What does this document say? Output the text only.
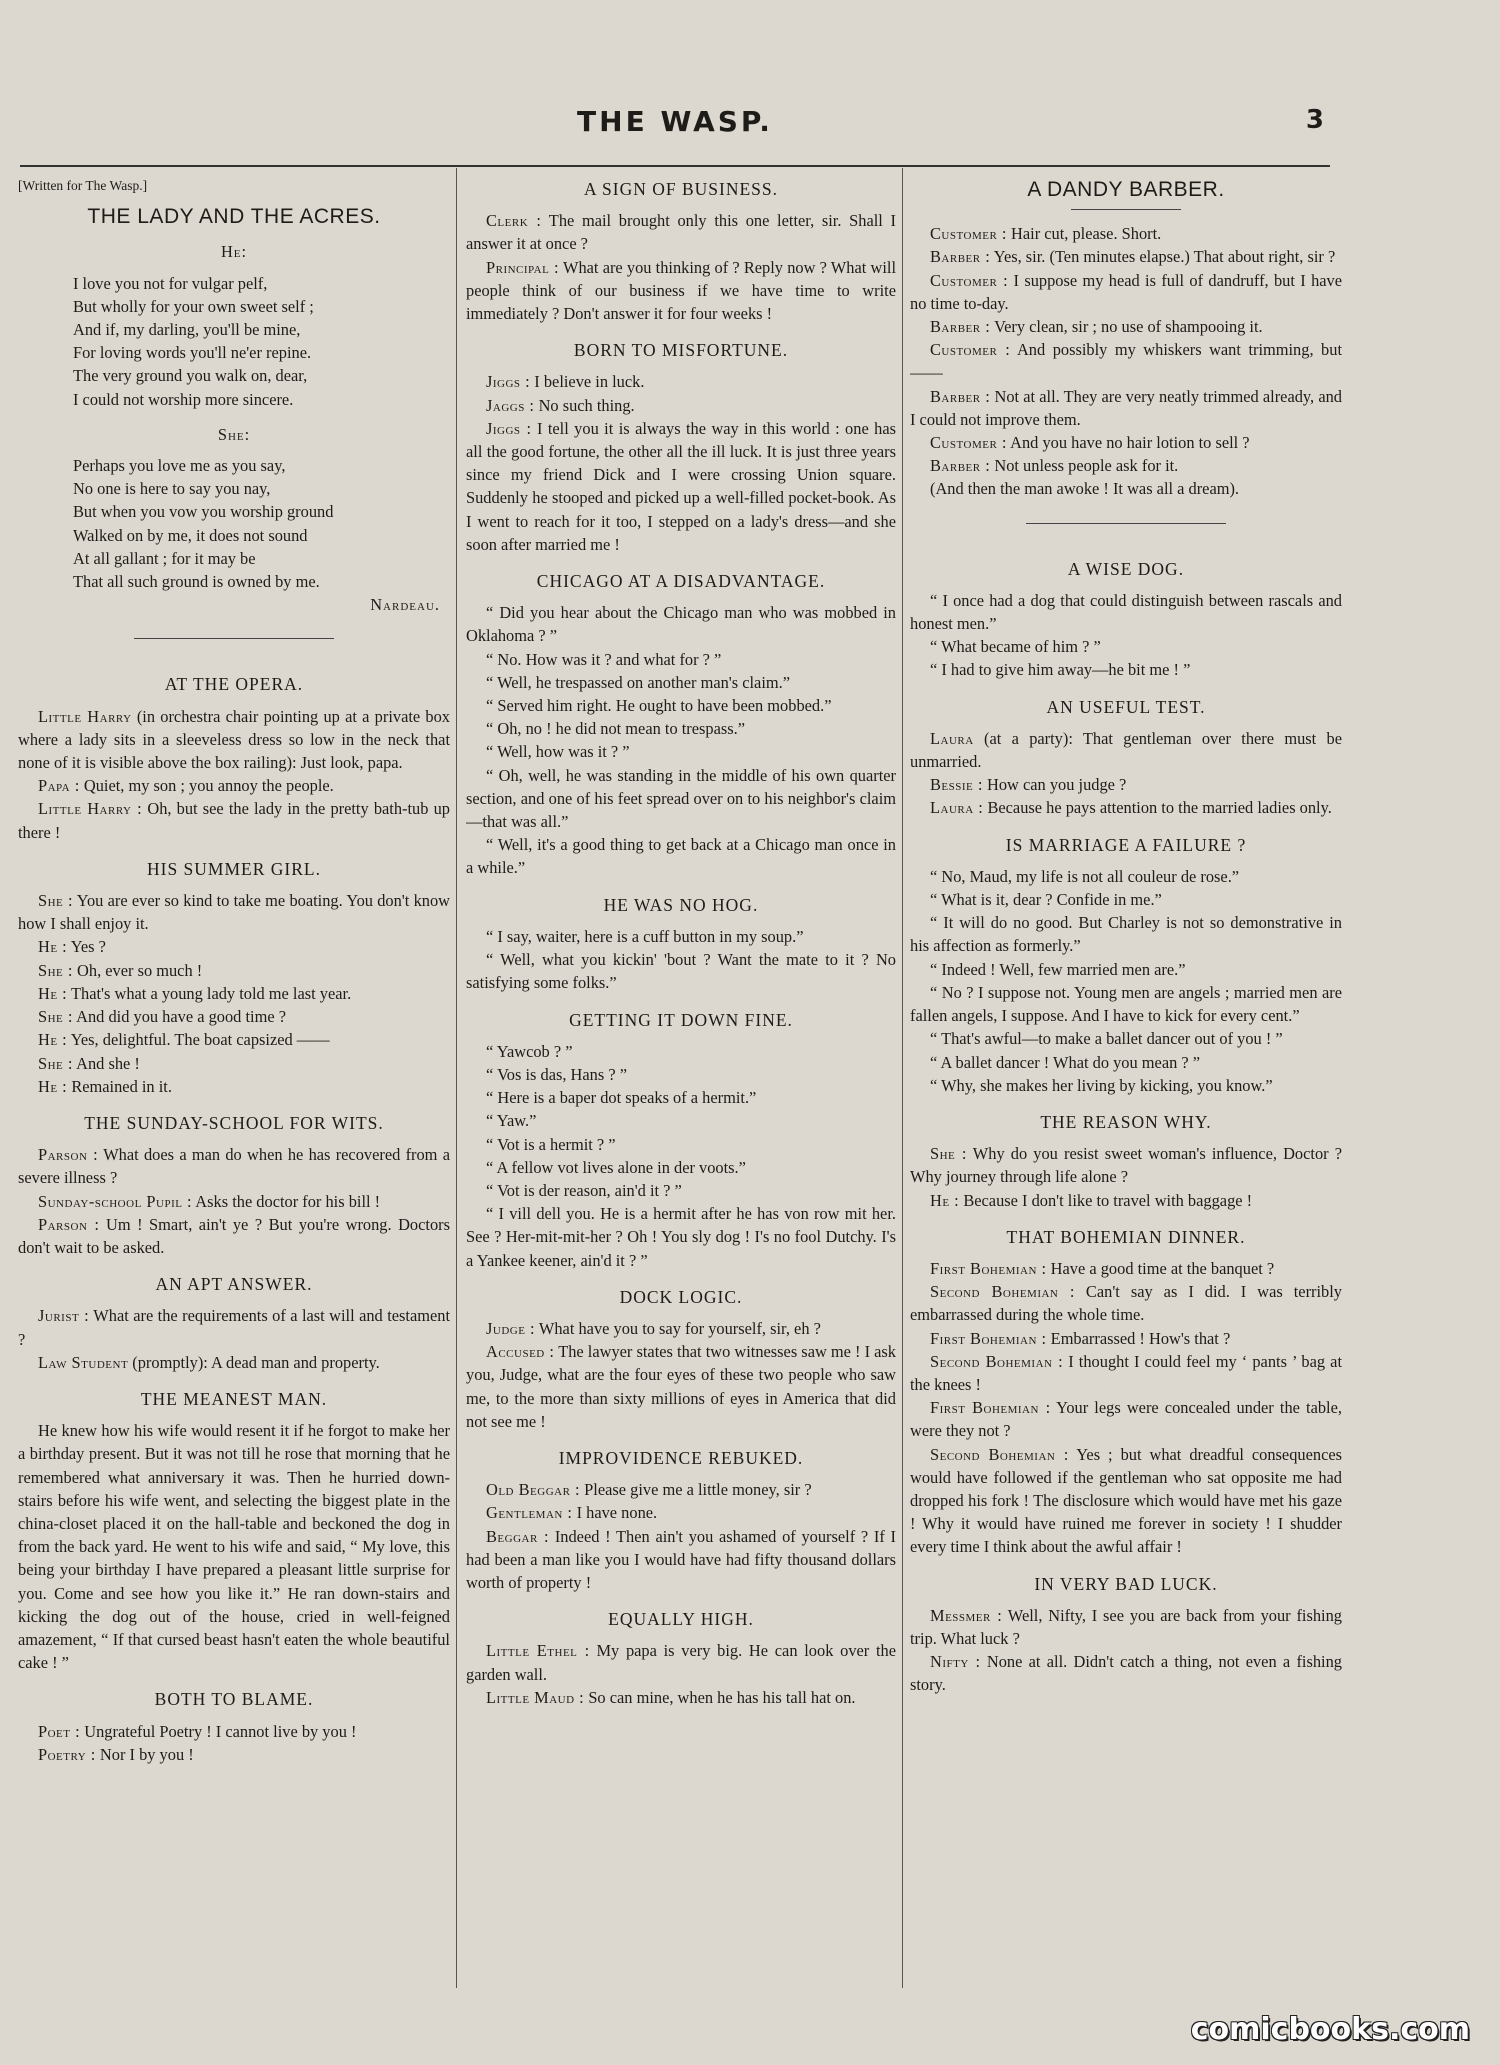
THE WASP.	3
[Written for The Wasp.]
THE LADY AND THE ACRES.
He:

I love you not for vulgar pelf,

But wholly for your own sweet self ;

And if, my darling, you'll be mine,

For loving words you'll ne'er repine.

The very ground you walk on, dear,

I could not worship more sincere.

She:

Perhaps you love me as you say,

No one is here to say you nay,

But when you vow you worship ground

Walked on by me, it does not sound

At all gallant ; for it may be

That all such ground is owned by me.

Nardeau.
AT THE OPERA.

Little Harry (in orchestra chair pointing up at a private box where a lady sits in a sleeveless dress so low in the neck that none of it is visible above the box railing): Just look, papa.

Papa : Quiet, my son ; you annoy the people.

Little Harry : Oh, but see the lady in the pretty bath-tub up there !

HIS SUMMER GIRL.

She : You are ever so kind to take me boating. You don't know how I shall enjoy it.

He : Yes ?

She : Oh, ever so much !

He : That's what a young lady told me last year.

She : And did you have a good time ?

He : Yes, delightful. The boat capsized ——

She : And she !

He : Remained in it.

THE SUNDAY-SCHOOL FOR WITS.

Parson : What does a man do when he has recovered from a severe illness ?

Sunday-school Pupil : Asks the doctor for his bill !

Parson : Um ! Smart, ain't ye ? But you're wrong. Doctors don't wait to be asked.

AN APT ANSWER.

Jurist : What are the requirements of a last will and testament ?

Law Student (promptly): A dead man and property.

THE MEANEST MAN.

He knew how his wife would resent it if he forgot to make her a birthday present. But it was not till he rose that morning that he remembered what anniversary it was. Then he hurried down-stairs before his wife went, and selecting the biggest plate in the china-closet placed it on the hall-table and beckoned the dog in from the back yard. He went to his wife and said, “ My love, this being your birthday I have prepared a pleasant little surprise for you. Come and see how you like it.” He ran down-stairs and kicking the dog out of the house, cried in well-feigned amazement, “ If that cursed beast hasn't eaten the whole beautiful cake ! ”

BOTH TO BLAME.

Poet : Ungrateful Poetry ! I cannot live by you !

Poetry : Nor I by you !

A SIGN OF BUSINESS.

Clerk : The mail brought only this one letter, sir. Shall I answer it at once ?

Principal : What are you thinking of ? Reply now ? What will people think of our business if we have time to write immediately ? Don't answer it for four weeks !

BORN TO MISFORTUNE.

Jiggs : I believe in luck.

Jaggs : No such thing.

Jiggs : I tell you it is always the way in this world : one has all the good fortune, the other all the ill luck. It is just three years since my friend Dick and I were crossing Union square. Suddenly he stooped and picked up a well-filled pocket-book. As I went to reach for it too, I stepped on a lady's dress—and she soon after married me !

CHICAGO AT A DISADVANTAGE.

“ Did you hear about the Chicago man who was mobbed in Oklahoma ? ”

“ No. How was it ? and what for ? ”

“ Well, he trespassed on another man's claim.”

“ Served him right. He ought to have been mobbed.”

“ Oh, no ! he did not mean to trespass.”

“ Well, how was it ? ”

“ Oh, well, he was standing in the middle of his own quarter section, and one of his feet spread over on to his neighbor's claim—that was all.”

“ Well, it's a good thing to get back at a Chicago man once in a while.”

HE WAS NO HOG.

“ I say, waiter, here is a cuff button in my soup.”

“ Well, what you kickin' 'bout ? Want the mate to it ? No satisfying some folks.”

GETTING IT DOWN FINE.

“ Yawcob ? ”

“ Vos is das, Hans ? ”

“ Here is a baper dot speaks of a hermit.”

“ Yaw.”

“ Vot is a hermit ? ”

“ A fellow vot lives alone in der voots.”

“ Vot is der reason, ain'd it ? ”

“ I vill dell you. He is a hermit after he has von row mit her. See ? Her-mit-mit-her ? Oh ! You sly dog ! I's no fool Dutchy. I's a Yankee keener, ain'd it ? ”

DOCK LOGIC.

Judge : What have you to say for yourself, sir, eh ?

Accused : The lawyer states that two witnesses saw me ! I ask you, Judge, what are the four eyes of these two people who saw me, to the more than sixty millions of eyes in America that did not see me !

IMPROVIDENCE REBUKED.

Old Beggar : Please give me a little money, sir ?

Gentleman : I have none.

Beggar : Indeed ! Then ain't you ashamed of yourself ? If I had been a man like you I would have had fifty thousand dollars worth of property !

EQUALLY HIGH.

Little Ethel : My papa is very big. He can look over the garden wall.

Little Maud : So can mine, when he has his tall hat on.

A DANDY BARBER.

Customer : Hair cut, please. Short.

Barber : Yes, sir. (Ten minutes elapse.) That about right, sir ?

Customer : I suppose my head is full of dandruff, but I have no time to-day.

Barber : Very clean, sir ; no use of shampooing it.

Customer : And possibly my whiskers want trimming, but ——

Barber : Not at all. They are very neatly trimmed already, and I could not improve them.

Customer : And you have no hair lotion to sell ?

Barber : Not unless people ask for it.

(And then the man awoke ! It was all a dream).

A WISE DOG.

“ I once had a dog that could distinguish between rascals and honest men.”

“ What became of him ? ”

“ I had to give him away—he bit me ! ”

AN USEFUL TEST.

Laura (at a party): That gentleman over there must be unmarried.

Bessie : How can you judge ?

Laura : Because he pays attention to the married ladies only.

IS MARRIAGE A FAILURE ?

“ No, Maud, my life is not all couleur de rose.”

“ What is it, dear ? Confide in me.”

“ It will do no good. But Charley is not so demonstrative in his affection as formerly.”

“ Indeed ! Well, few married men are.”

“ No ? I suppose not. Young men are angels ; married men are fallen angels, I suppose. And I have to kick for every cent.”

“ That's awful—to make a ballet dancer out of you ! ”

“ A ballet dancer ! What do you mean ? ”

“ Why, she makes her living by kicking, you know.”

THE REASON WHY.

She : Why do you resist sweet woman's influence, Doctor ? Why journey through life alone ?

He : Because I don't like to travel with baggage !

THAT BOHEMIAN DINNER.

First Bohemian : Have a good time at the banquet ?

Second Bohemian : Can't say as I did. I was terribly embarrassed during the whole time.

First Bohemian : Embarrassed ! How's that ?

Second Bohemian : I thought I could feel my ‘ pants ’ bag at the knees !

First Bohemian : Your legs were concealed under the table, were they not ?

Second Bohemian : Yes ; but what dreadful consequences would have followed if the gentleman who sat opposite me had dropped his fork ! The disclosure which would have met his gaze ! Why it would have ruined me forever in society ! I shudder every time I think about the awful affair !

IN VERY BAD LUCK.

Messmer : Well, Nifty, I see you are back from your fishing trip. What luck ?

Nifty : None at all. Didn't catch a thing, not even a fishing story.

comicbooks.com
